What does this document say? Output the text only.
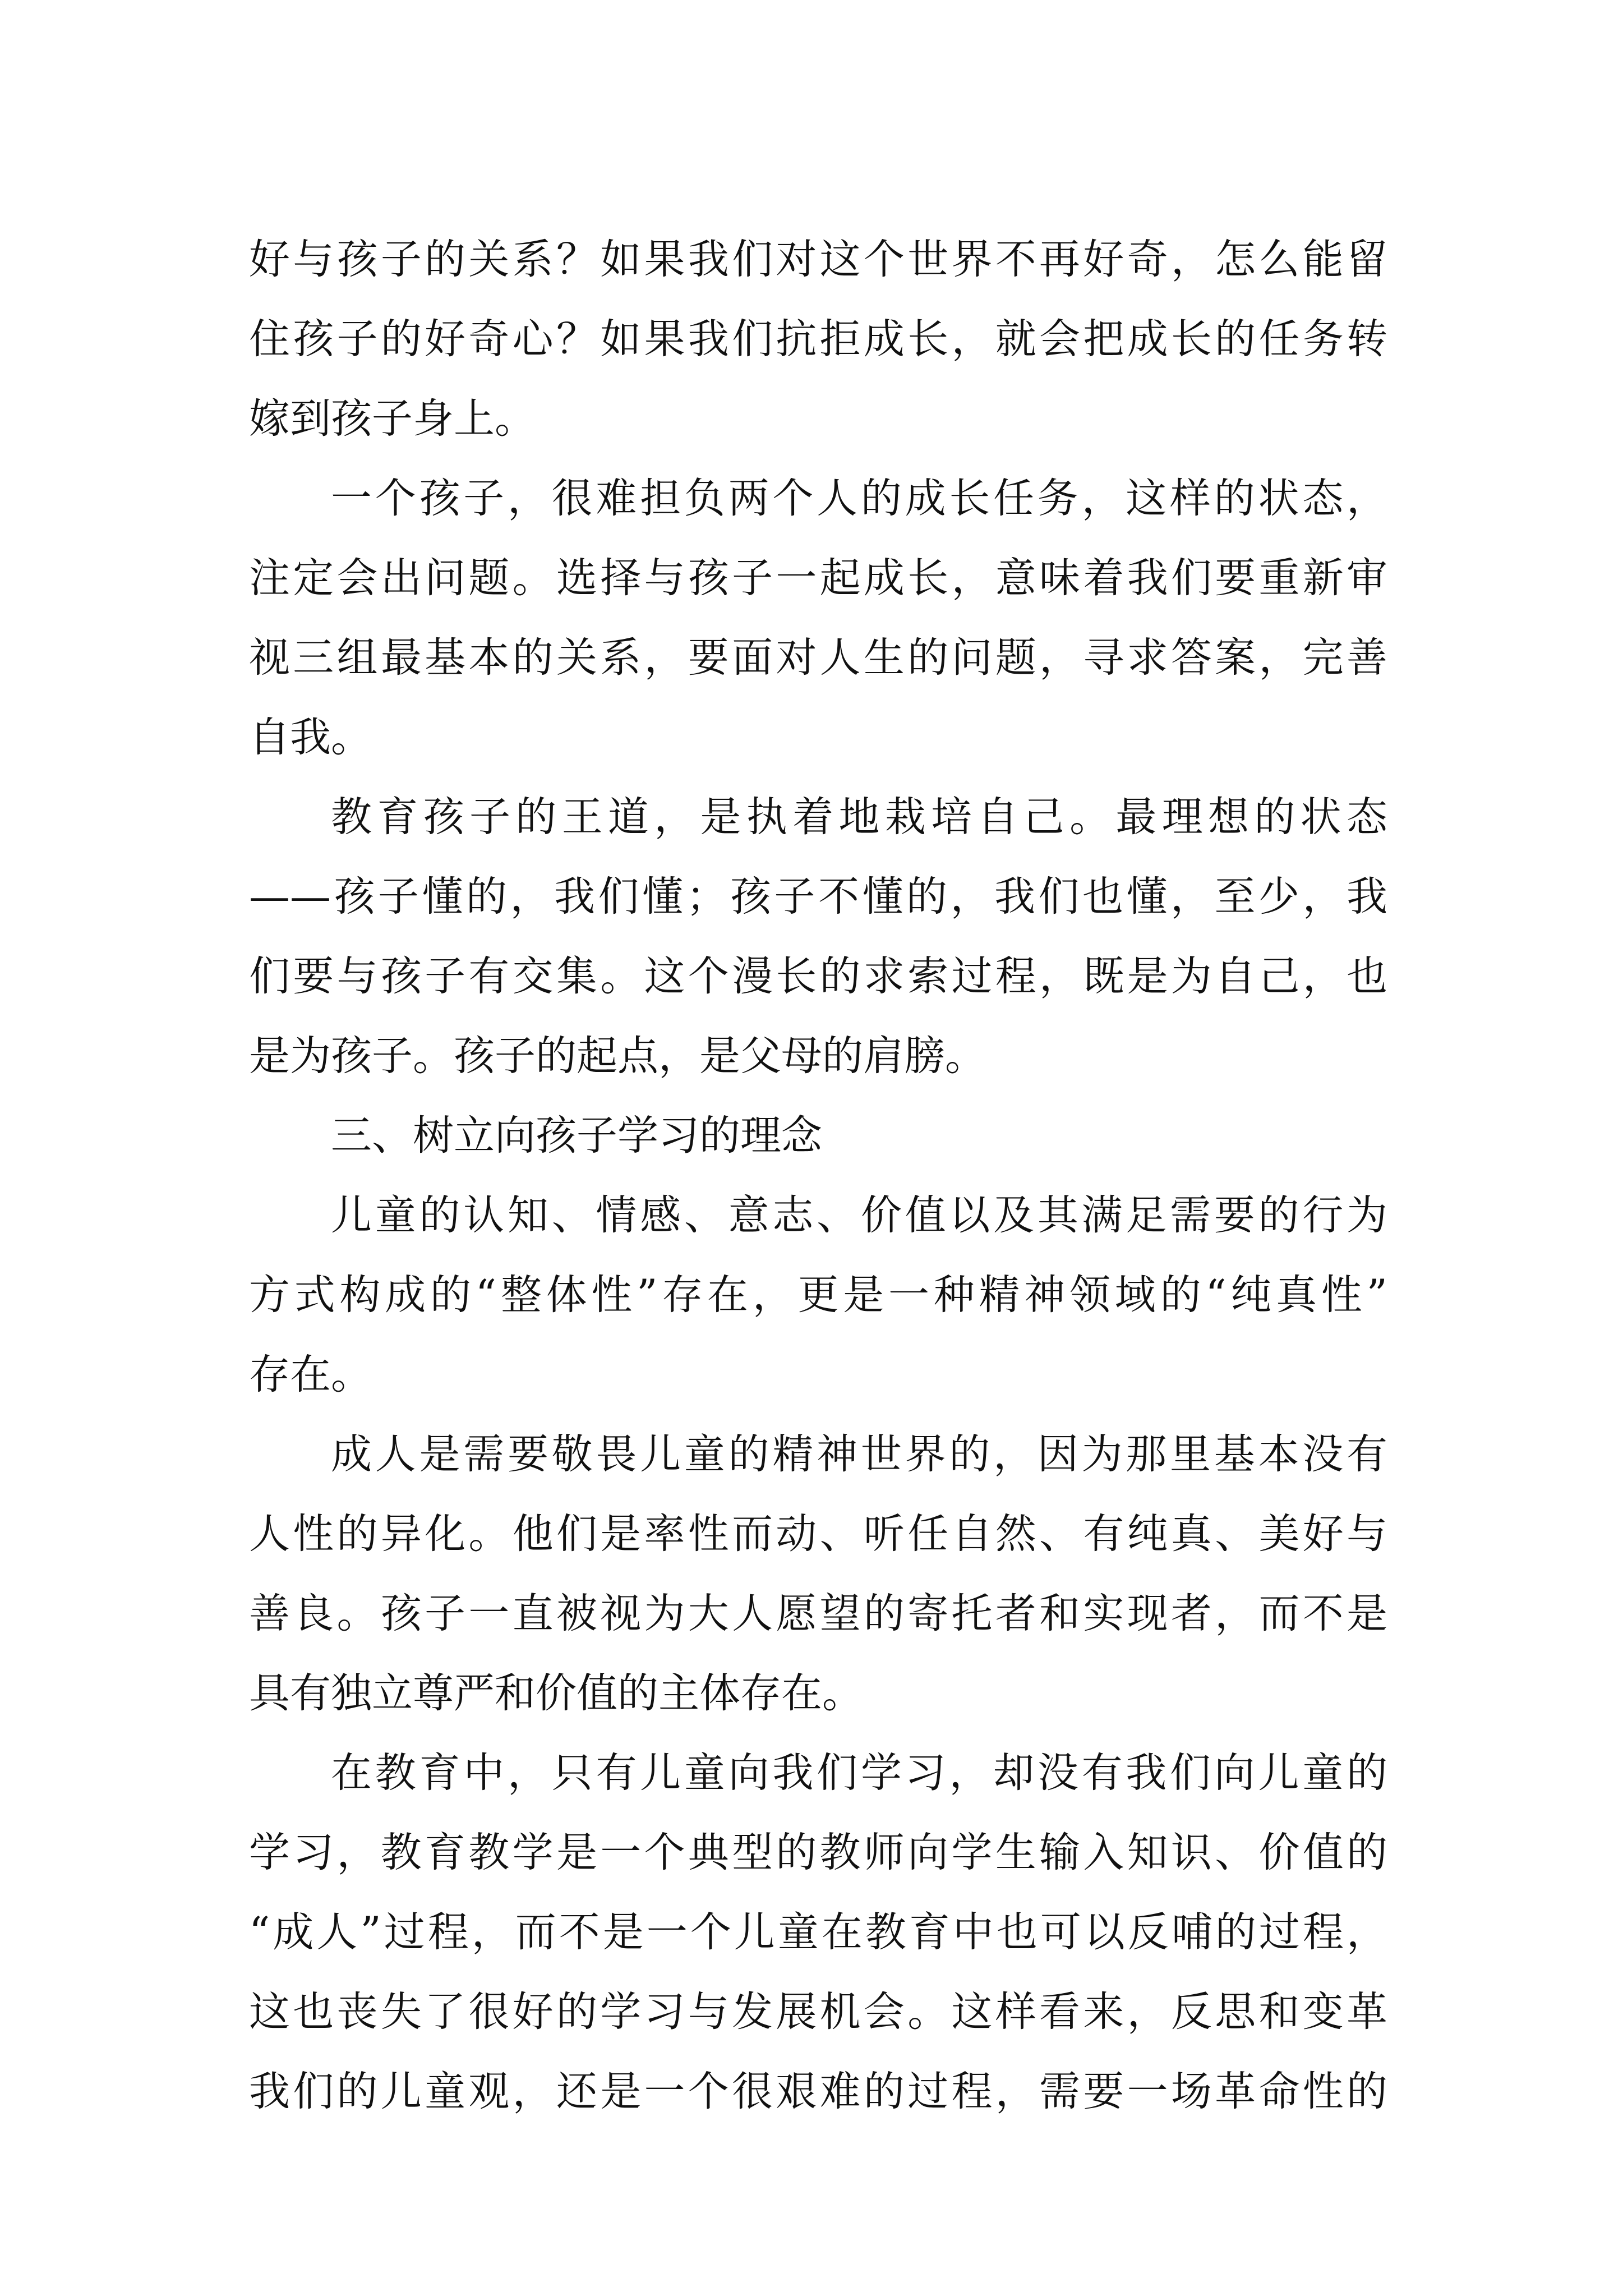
好与孩子的关系？如果我们对这个世界不再好奇，怎么能留
住孩子的好奇心？如果我们抗拒成长，就会把成长的任务转
嫁到孩子身上。
一个孩子，很难担负两个人的成长任务，这样的状态，
注定会出问题。选择与孩子一起成长，意味着我们要重新审
视三组最基本的关系，要面对人生的问题，寻求答案，完善
自我。
教育孩子的王道，是执着地栽培自己。最理想的状态
——孩子懂的，我们懂；孩子不懂的，我们也懂，至少，我
们要与孩子有交集。这个漫长的求索过程，既是为自己，也
是为孩子。孩子的起点，是父母的肩膀。
三、树立向孩子学习的理念
儿童的认知、情感、意志、价值以及其满足需要的行为
方式构成的“整体性”存在，更是一种精神领域的“纯真性”
存在。
成人是需要敬畏儿童的精神世界的，因为那里基本没有
人性的异化。他们是率性而动、听任自然、有纯真、美好与
善良。孩子一直被视为大人愿望的寄托者和实现者，而不是
具有独立尊严和价值的主体存在。
在教育中，只有儿童向我们学习，却没有我们向儿童的
学习，教育教学是一个典型的教师向学生输入知识、价值的
“成人”过程，而不是一个儿童在教育中也可以反哺的过程，
这也丧失了很好的学习与发展机会。这样看来，反思和变革
我们的儿童观，还是一个很艰难的过程，需要一场革命性的
